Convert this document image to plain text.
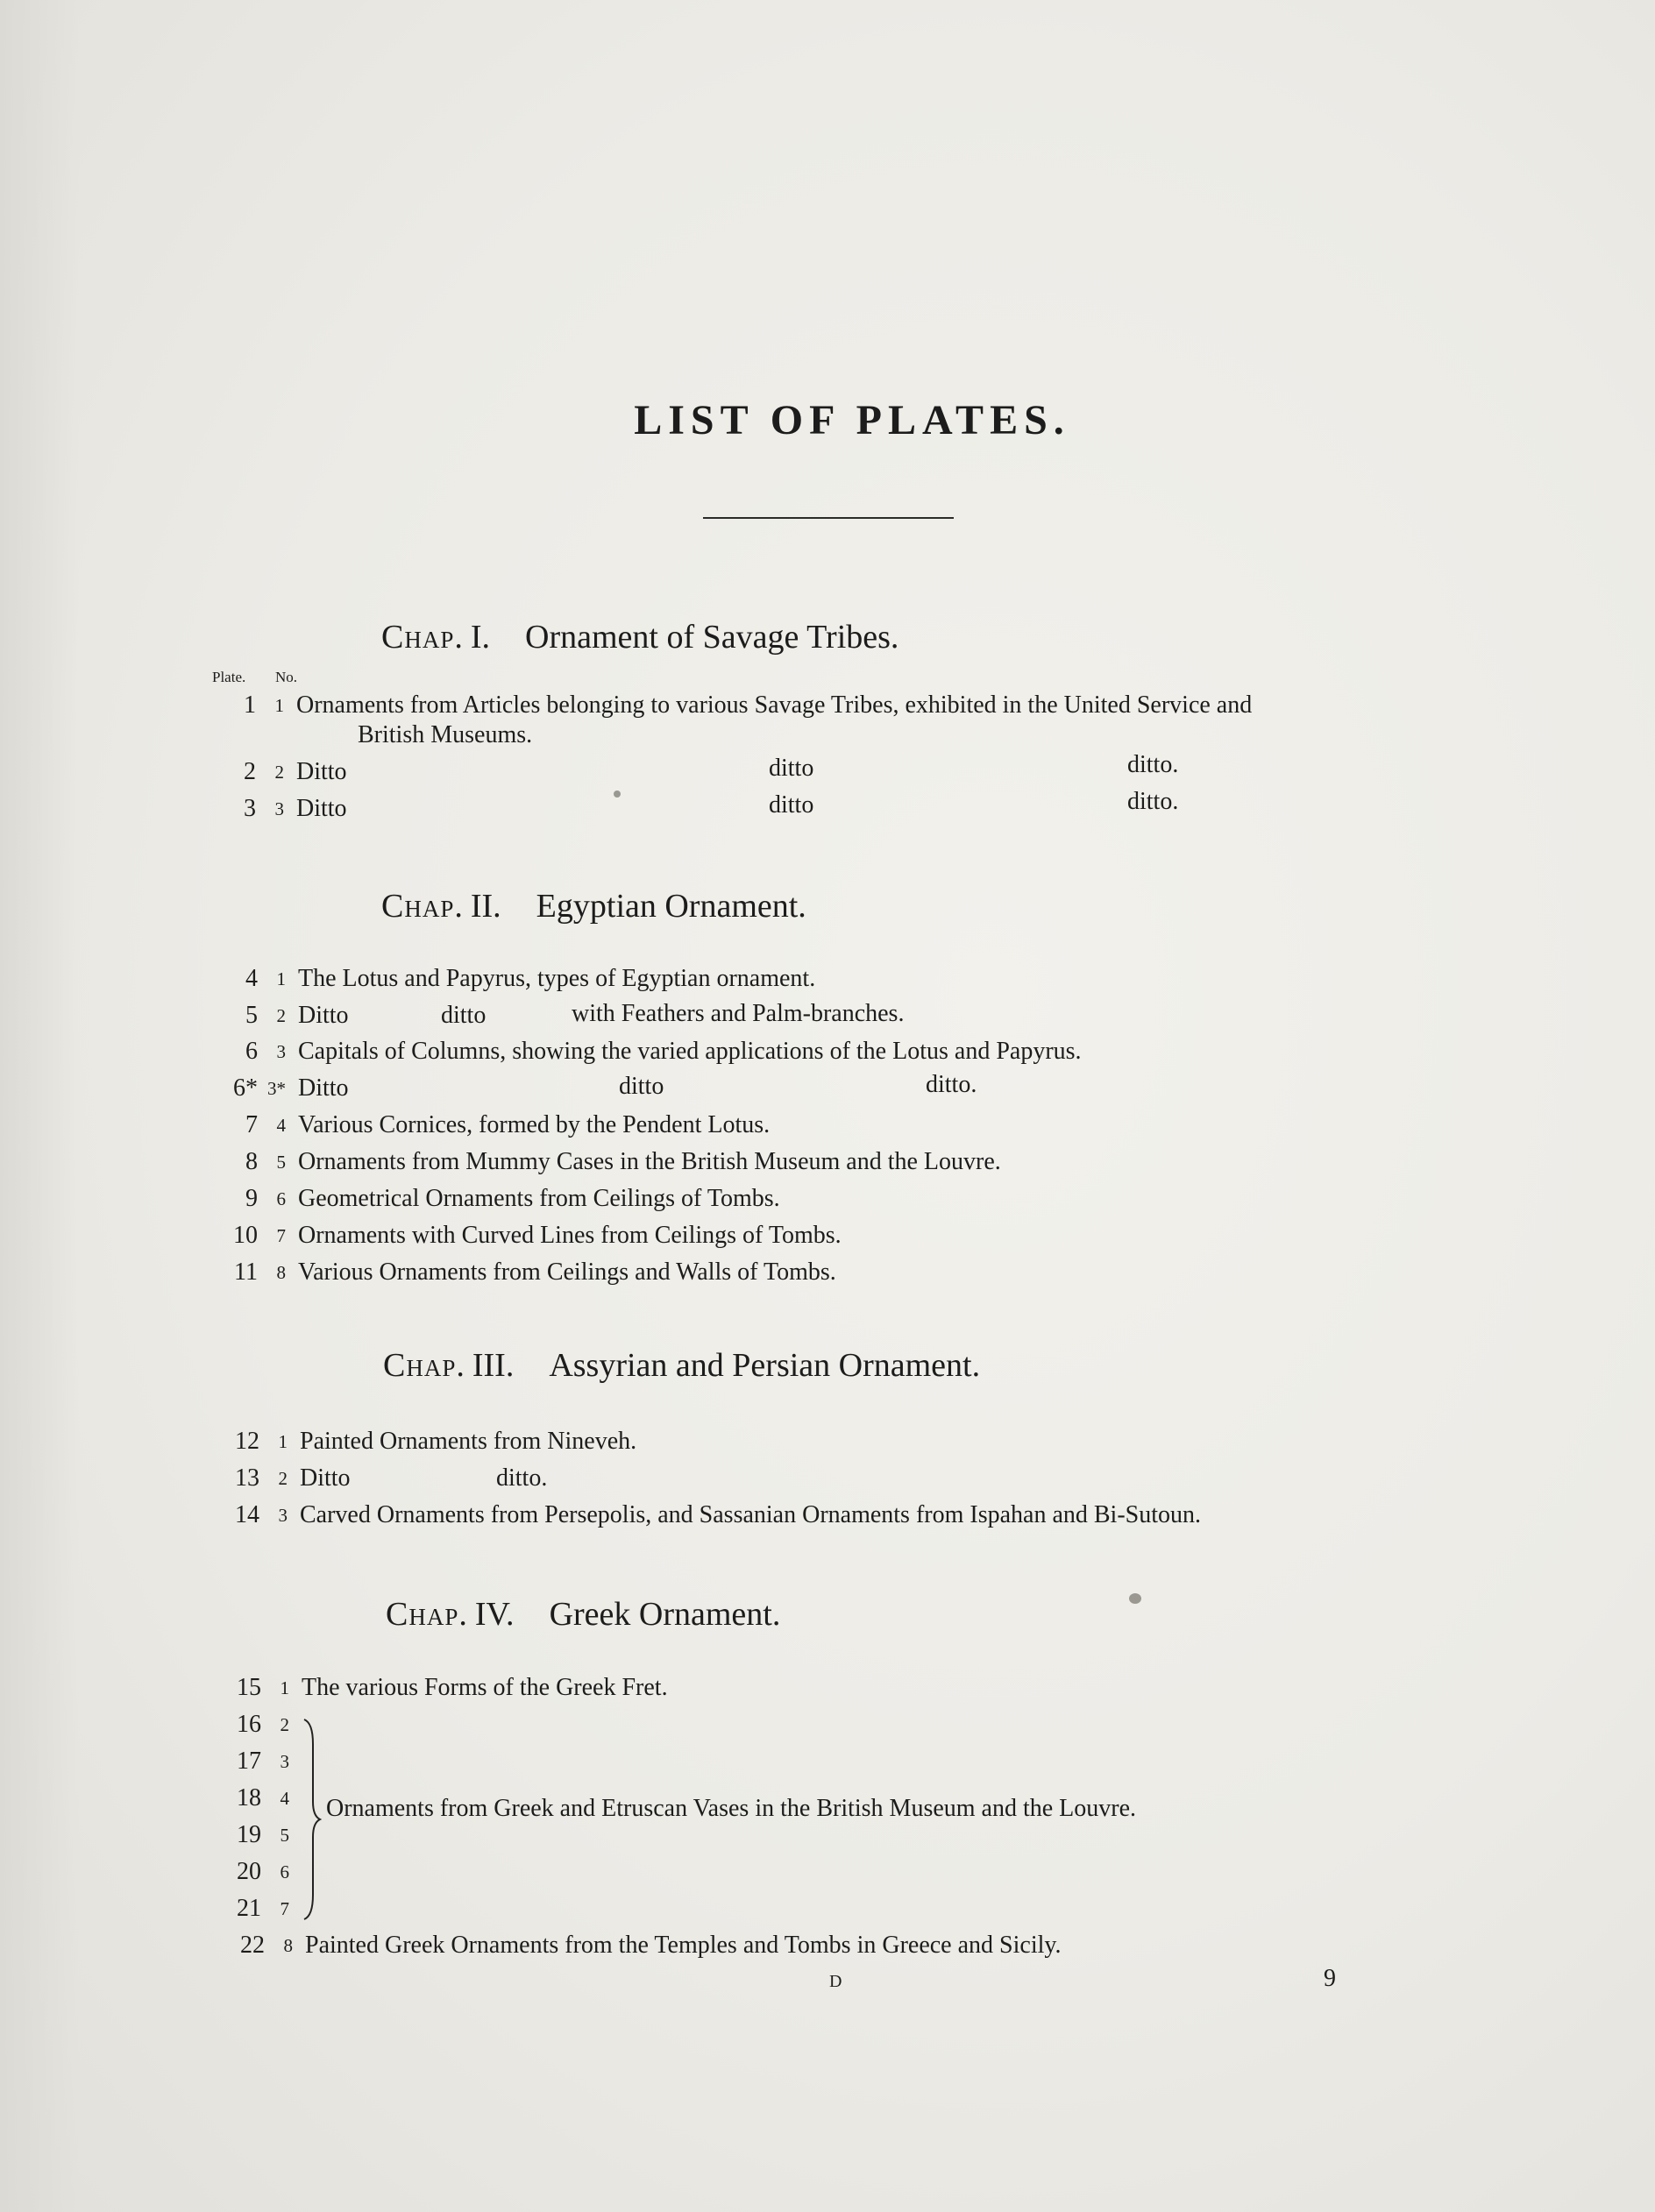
LIST OF PLATES.
Chap. I. Ornament of Savage Tribes.
Plate. No.
1	1 Ornaments from Articles belonging to various Savage Tribes, exhibited in the United Service and
British Museums.
2	2 Ditto	ditto	ditto.
3	3 Ditto	ditto	ditto.
Chap. II. Egyptian Ornament.
4	1 The Lotus and Papyrus, types of Egyptian ornament.
5	2 Ditto	ditto	with Feathers and Palm-branches.
6	3 Capitals of Columns, showing the varied applications of the Lotus and Papyrus.
6* 3* Ditto	ditto	ditto.
7	4 Various Cornices, formed by the Pendent Lotus.
8	5 Ornaments from Mummy Cases in the British Museum and the Louvre.
9	6 Geometrical Ornaments from Ceilings of Tombs.
10	7 Ornaments with Curved Lines from Ceilings of Tombs.
11	8 Various Ornaments from Ceilings and Walls of Tombs.
Chap. III. Assyrian and Persian Ornament.
12	1 Painted Ornaments from Nineveh.
13	2 Ditto	ditto.
14	3 Carved Ornaments from Persepolis, and Sassanian Ornaments from Ispahan and Bi-Sutoun.
Chap. IV. Greek Ornament.
15	1 The various Forms of the Greek Fret.
16	2
17	3
18	4
19	5
20	6
21	7
Ornaments from Greek and Etruscan Vases in the British Museum and the Louvre.
22	8 Painted Greek Ornaments from the Temples and Tombs in Greece and Sicily.
D	9
